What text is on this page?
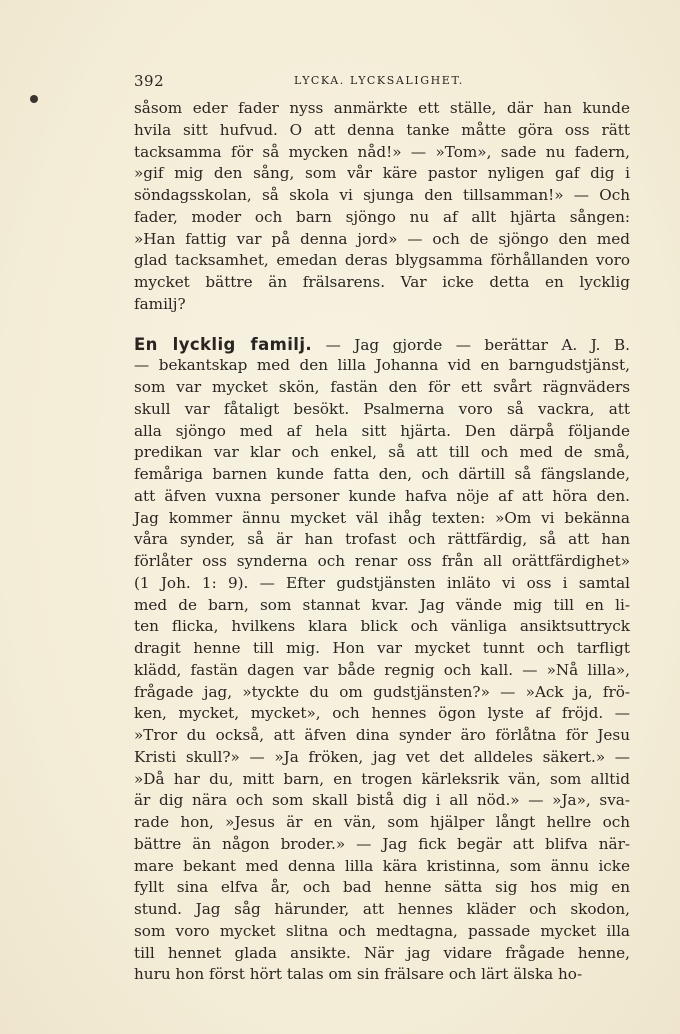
392	LYCKA. LYCKSALIGHET.
såsom eder fader nyss anmärkte ett ställe, där han kunde
hvila sitt hufvud. O att denna tanke måtte göra oss rätt
tacksamma för så mycken nåd!» — »Tom», sade nu fadern,
»gif mig den sång, som vår käre pastor nyligen gaf dig i
söndagsskolan, så skola vi sjunga den tillsamman!» — Och
fader, moder och barn sjöngo nu af allt hjärta sången:
»Han fattig var på denna jord» — och de sjöngo den med
glad tacksamhet, emedan deras blygsamma förhållanden voro
mycket bättre än frälsarens. Var icke detta en lycklig
familj?
En lycklig familj. — Jag gjorde — berättar A. J. B.
— bekantskap med den lilla Johanna vid en barngudstjänst,
som var mycket skön, fastän den för ett svårt rägnväders
skull var fåtaligt besökt. Psalmerna voro så vackra, att
alla sjöngo med af hela sitt hjärta. Den därpå följande
predikan var klar och enkel, så att till och med de små,
femåriga barnen kunde fatta den, och därtill så fängslande,
att äfven vuxna personer kunde hafva nöje af att höra den.
Jag kommer ännu mycket väl ihåg texten: »Om vi bekänna
våra synder, så är han trofast och rättfärdig, så att han
förlåter oss synderna och renar oss från all orättfärdighet»
(1 Joh. 1: 9). — Efter gudstjänsten inläto vi oss i samtal
med de barn, som stannat kvar. Jag vände mig till en li-
ten flicka, hvilkens klara blick och vänliga ansiktsuttryck
dragit henne till mig. Hon var mycket tunnt och tarfligt
klädd, fastän dagen var både regnig och kall. — »Nå lilla»,
frågade jag, »tyckte du om gudstjänsten?» — »Ack ja, frö-
ken, mycket, mycket», och hennes ögon lyste af fröjd. —
»Tror du också, att äfven dina synder äro förlåtna för Jesu
Kristi skull?» — »Ja fröken, jag vet det alldeles säkert.» —
»Då har du, mitt barn, en trogen kärleksrik vän, som alltid
är dig nära och som skall bistå dig i all nöd.» — »Ja», sva-
rade hon, »Jesus är en vän, som hjälper långt hellre och
bättre än någon broder.» — Jag fick begär att blifva när-
mare bekant med denna lilla kära kristinna, som ännu icke
fyllt sina elfva år, och bad henne sätta sig hos mig en
stund. Jag såg härunder, att hennes kläder och skodon,
som voro mycket slitna och medtagna, passade mycket illa
till hennet glada ansikte. När jag vidare frågade henne,
huru hon först hört talas om sin frälsare och lärt älska ho-
